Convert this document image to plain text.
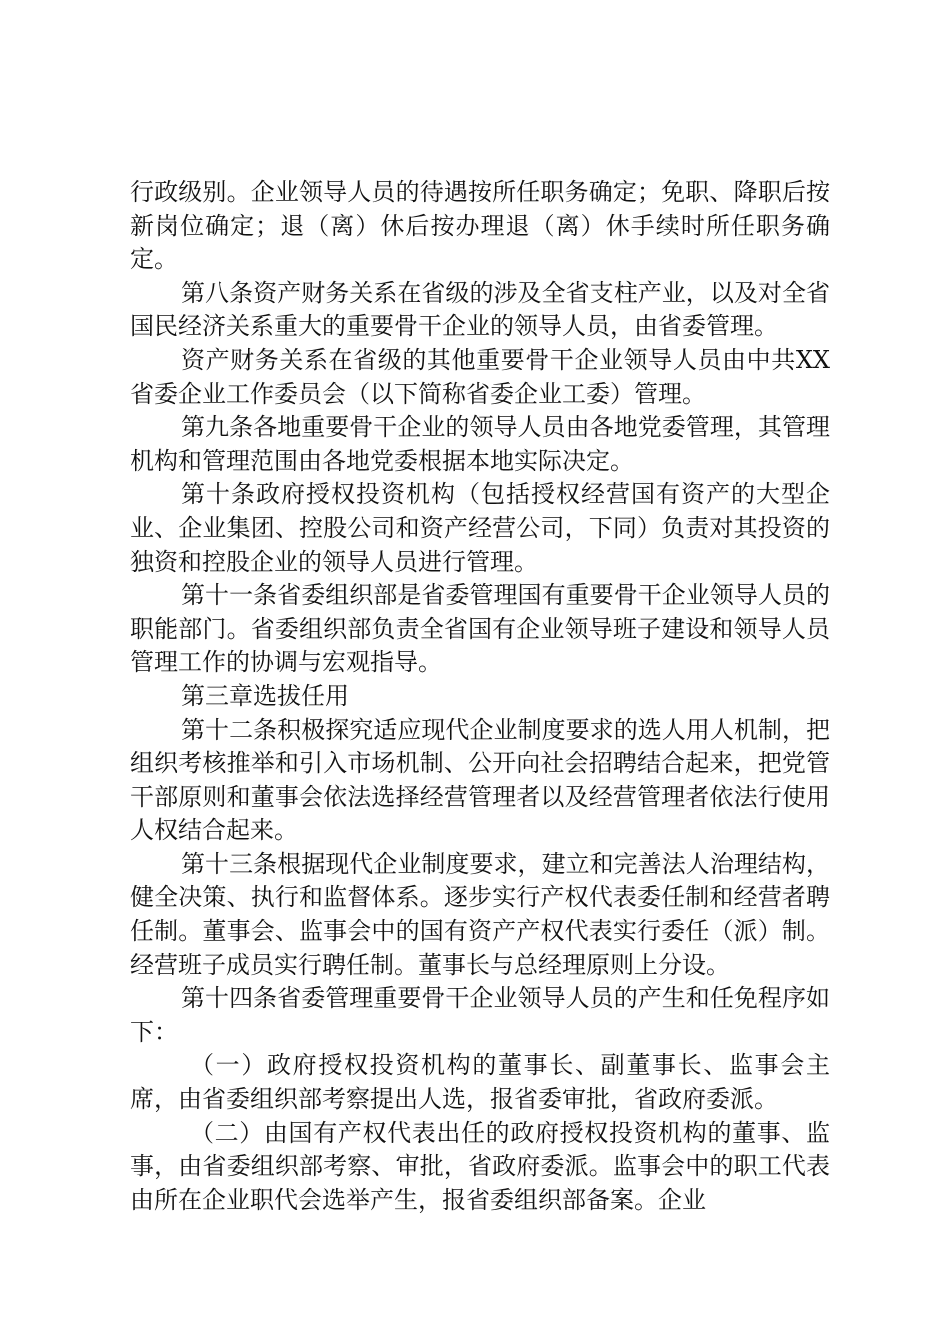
行政级别。企业领导人员的待遇按所任职务确定；免职、降职后按新岗位确定；退（离）休后按办理退（离）休手续时所任职务确定。

第八条资产财务关系在省级的涉及全省支柱产业，以及对全省国民经济关系重大的重要骨干企业的领导人员，由省委管理。

资产财务关系在省级的其他重要骨干企业领导人员由中共XX省委企业工作委员会（以下简称省委企业工委）管理。

第九条各地重要骨干企业的领导人员由各地党委管理，其管理机构和管理范围由各地党委根据本地实际决定。

第十条政府授权投资机构（包括授权经营国有资产的大型企业、企业集团、控股公司和资产经营公司，下同）负责对其投资的独资和控股企业的领导人员进行管理。

第十一条省委组织部是省委管理国有重要骨干企业领导人员的职能部门。省委组织部负责全省国有企业领导班子建设和领导人员管理工作的协调与宏观指导。

第三章选拔任用

第十二条积极探究适应现代企业制度要求的选人用人机制，把组织考核推举和引入市场机制、公开向社会招聘结合起来，把党管干部原则和董事会依法选择经营管理者以及经营管理者依法行使用人权结合起来。

第十三条根据现代企业制度要求，建立和完善法人治理结构，健全决策、执行和监督体系。逐步实行产权代表委任制和经营者聘任制。董事会、监事会中的国有资产产权代表实行委任（派）制。经营班子成员实行聘任制。董事长与总经理原则上分设。

第十四条省委管理重要骨干企业领导人员的产生和任免程序如下：

（一）政府授权投资机构的董事长、副董事长、监事会主席，由省委组织部考察提出人选，报省委审批，省政府委派。

（二）由国有产权代表出任的政府授权投资机构的董事、监事，由省委组织部考察、审批，省政府委派。监事会中的职工代表由所在企业职代会选举产生，报省委组织部备案。企业
